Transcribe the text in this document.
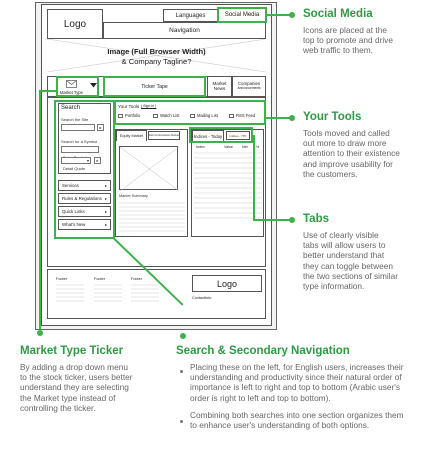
Logo
Navigation
Languages	Social Media
Image (Full Browser Width)
& Company Tagline?
Market Type
Ticker Tape	Market
News
Companies
Announcements
Search
Search the Site
▸
Search for a Symbol
Detail Quote
▾ ▸
Services	▸
Rules & Regulations ▸
Quick Links	▸
What's New	▸
Your Tools ( Sign in )
Portfolio	Watch List	Mailing List	RSS Feed
Equity Market Debt & Derivatives Market
Market Summary
Indices - Today	Indices - YTD
Index	Value	Net %
Footer	Footer	Footer	Logo
ContactInfo
Social Media
Icons are placed at the
top to promote and drive
web traffic to them.
Your Tools
Tools moved and called
out more to draw more
attention to their existence
and improve usability for
the customers.
Tabs
Use of clearly visible
tabs will allow users to
better understand that
they can toggle between
the two sections of similar
type information.
Market Type Ticker
By adding a drop down menu
to the stock ticker, users better
understand they are selecting
the Market type instead of
controlling the ticker.
Search & Secondary Navigation
Placing these on the left, for English users, increases their
understanding and productivity since their natural order of
importance is left to right and top to bottom (Arabic user's
order is right to left and top to bottom).
Combining both searches into one section organizes them
to enhance user's understanding of both options.
